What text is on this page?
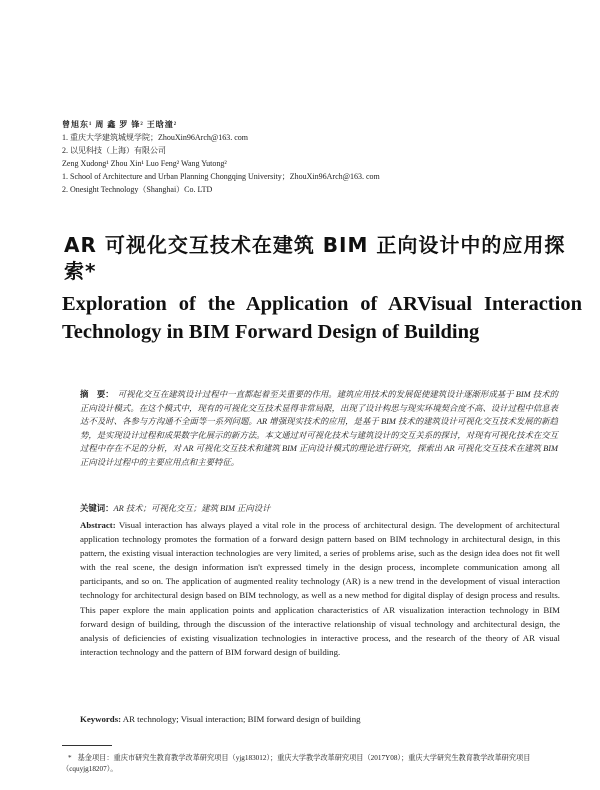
曾旭东¹ 周 鑫 罗 锋² 王晗潼²
1. 重庆大学建筑城规学院；ZhouXin96Arch@163. com
2. 以见科技（上海）有限公司
Zeng Xudong¹ Zhou Xin¹ Luo Feng² Wang Yutong²
1. School of Architecture and Urban Planning Chongqing University；ZhouXin96Arch@163. com
2. Onesight Technology（Shanghai）Co. LTD
AR 可视化交互技术在建筑 BIM 正向设计中的应用探索*
Exploration of the Application of ARVisual Interaction Technology in BIM Forward Design of Building
摘　要： 可视化交互在建筑设计过程中一直都起着至关重要的作用。建筑应用技术的发展促使建筑设计逐渐形成基于 BIM 技术的正向设计模式。在这个模式中，现有的可视化交互技术显得非常局限，出现了设计构思与现实环境契合度不高、设计过程中信息表达不及时、各参与方沟通不全面等一系列问题。AR 增强现实技术的应用，是基于 BIM 技术的建筑设计可视化交互技术发展的新趋势，是实现设计过程和成果数字化展示的新方法。本文通过对可视化技术与建筑设计的交互关系的探讨，对现有可视化技术在交互过程中存在不足的分析，对 AR 可视化交互技术和建筑 BIM 正向设计模式的理论进行研究，探索出 AR 可视化交互技术在建筑 BIM 正向设计过程中的主要应用点和主要特征。
关键词：AR 技术；可视化交互；建筑 BIM 正向设计
Abstract: Visual interaction has always played a vital role in the process of architectural design. The development of architectural application technology promotes the formation of a forward design pattern based on BIM technology in architectural design, in this pattern, the existing visual interaction technologies are very limited, a series of problems arise, such as the design idea does not fit well with the real scene, the design information isn't expressed timely in the design process, incomplete communication among all participants, and so on. The application of augmented reality technology (AR) is a new trend in the development of visual interaction technology for architectural design based on BIM technology, as well as a new method for digital display of design process and results. This paper explore the main application points and application characteristics of AR visualization interaction technology in BIM forward design of building, through the discussion of the interactive relationship of visual technology and architectural design, the analysis of deficiencies of existing visualization technologies in interactive process, and the research of the theory of AR visual interaction technology and the pattern of BIM forward design of building.
Keywords: AR technology; Visual interaction; BIM forward design of building
* 基金项目：重庆市研究生教育教学改革研究项目（yjg183012）；重庆大学教学改革研究项目（2017Y08）；重庆大学研究生教育教学改革研究项目（cquyjg18207）。
